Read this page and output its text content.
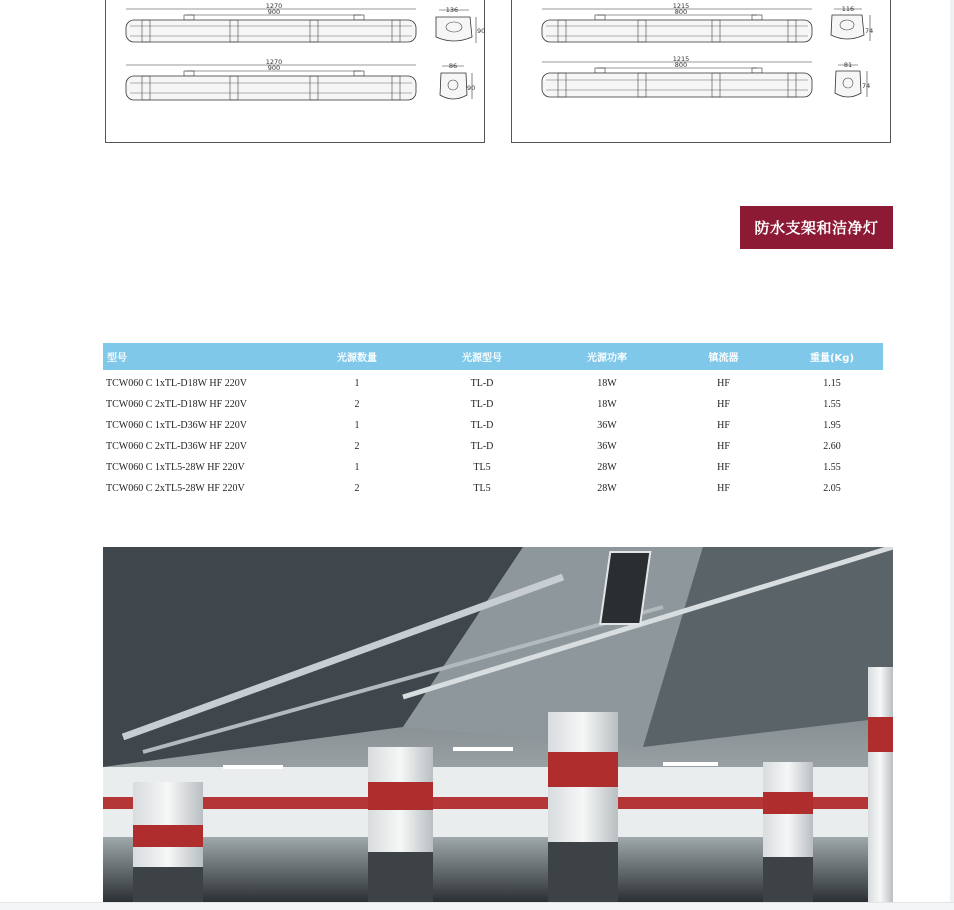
1270
900	136
90
1270
900	86
90
1215
800	116
74
1215
800	81
74
防水支架和洁净灯
型号	光源数量	光源型号	光源功率	镇流器	重量(Kg)
TCW060 C 1xTL-D18W HF 220V	1	TL-D	18W	HF	1.15
TCW060 C 2xTL-D18W HF 220V	2	TL-D	18W	HF	1.55
TCW060 C 1xTL-D36W HF 220V	1	TL-D	36W	HF	1.95
TCW060 C 2xTL-D36W HF 220V	2	TL-D	36W	HF	2.60
TCW060 C 1xTL5-28W HF 220V	1	TL5	28W	HF	1.55
TCW060 C 2xTL5-28W HF 220V	2	TL5	28W	HF	2.05
